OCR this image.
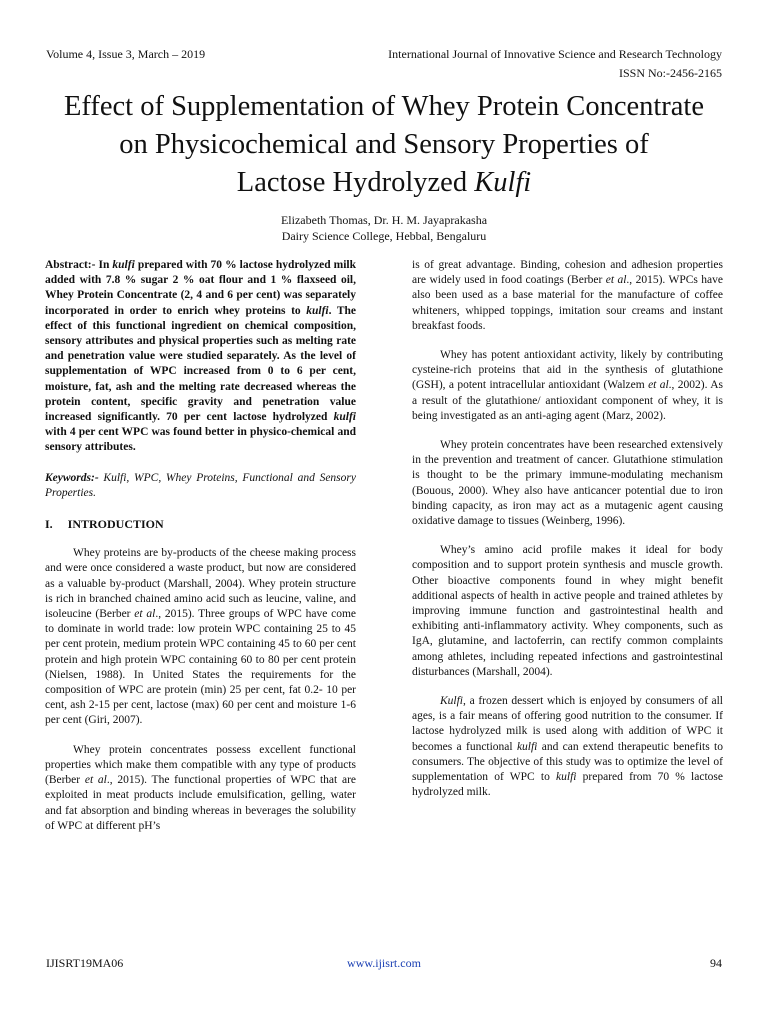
Volume 4, Issue 3, March – 2019	International Journal of Innovative Science and Research Technology
ISSN No:-2456-2165
Effect of Supplementation of Whey Protein Concentrate
on Physicochemical and Sensory Properties of
Lactose Hydrolyzed Kulfi
Elizabeth Thomas, Dr. H. M. Jayaprakasha
Dairy Science College, Hebbal, Bengaluru

Abstract:- In kulfi prepared with 70 % lactose hydrolyzed milk added with 7.8 % sugar 2 % oat flour and 1 % flaxseed oil, Whey Protein Concentrate (2, 4 and 6 per cent) was separately incorporated in order to enrich whey proteins to kulfi. The effect of this functional ingredient on chemical composition, sensory attributes and physical properties such as melting rate and penetration value were studied separately. As the level of supplementation of WPC increased from 0 to 6 per cent, moisture, fat, ash and the melting rate decreased whereas the protein content, specific gravity and penetration value increased significantly. 70 per cent lactose hydrolyzed kulfi with 4 per cent WPC was found better in physico-chemical and sensory attributes.

Keywords:- Kulfi, WPC, Whey Proteins, Functional and Sensory Properties.

I.     INTRODUCTION

Whey proteins are by-products of the cheese making process and were once considered a waste product, but now are considered as a valuable by-product (Marshall, 2004). Whey protein structure is rich in branched chained amino acid such as leucine, valine, and isoleucine (Berber et al., 2015). Three groups of WPC have come to dominate in world trade: low protein WPC containing 25 to 45 per cent protein, medium protein WPC containing 45 to 60 per cent protein and high protein WPC containing 60 to 80 per cent protein (Nielsen, 1988). In United States the requirements for the composition of WPC are protein (min) 25 per cent, fat 0.2- 10 per cent, ash 2-15 per cent, lactose (max) 60 per cent and moisture 1-6 per cent (Giri, 2007).

Whey protein concentrates possess excellent functional properties which make them compatible with any type of products (Berber et al., 2015). The functional properties of WPC that are exploited in meat products include emulsification, gelling, water and fat absorption and binding whereas in beverages the solubility of WPC at different pH’s

is of great advantage. Binding, cohesion and adhesion properties are widely used in food coatings (Berber et al., 2015). WPCs have also been used as a base material for the manufacture of coffee whiteners, whipped toppings, imitation sour creams and instant breakfast foods.

Whey has potent antioxidant activity, likely by contributing cysteine-rich proteins that aid in the synthesis of glutathione (GSH), a potent intracellular antioxidant (Walzem et al., 2002). As a result of the glutathione/ antioxidant component of whey, it is being investigated as an anti-aging agent (Marz, 2002).

Whey protein concentrates have been researched extensively in the prevention and treatment of cancer. Glutathione stimulation is thought to be the primary immune-modulating mechanism (Bouous, 2000). Whey also have anticancer potential due to iron binding capacity, as iron may act as a mutagenic agent causing oxidative damage to tissues (Weinberg, 1996).

Whey’s amino acid profile makes it ideal for body composition and to support protein synthesis and muscle growth. Other bioactive components found in whey might benefit additional aspects of health in active people and trained athletes by improving immune function and gastrointestinal health and exhibiting anti-inflammatory activity. Whey components, such as IgA, glutamine, and lactoferrin, can rectify common complaints among athletes, including repeated infections and gastrointestinal disturbances (Marshall, 2004).

Kulfi, a frozen dessert which is enjoyed by consumers of all ages, is a fair means of offering good nutrition to the consumer. If lactose hydrolyzed milk is used along with addition of WPC it becomes a functional kulfi and can extend therapeutic benefits to consumers. The objective of this study was to optimize the level of supplementation of WPC to kulfi prepared from 70 % lactose hydrolyzed milk.

IJISRT19MA06	www.ijisrt.com	94
